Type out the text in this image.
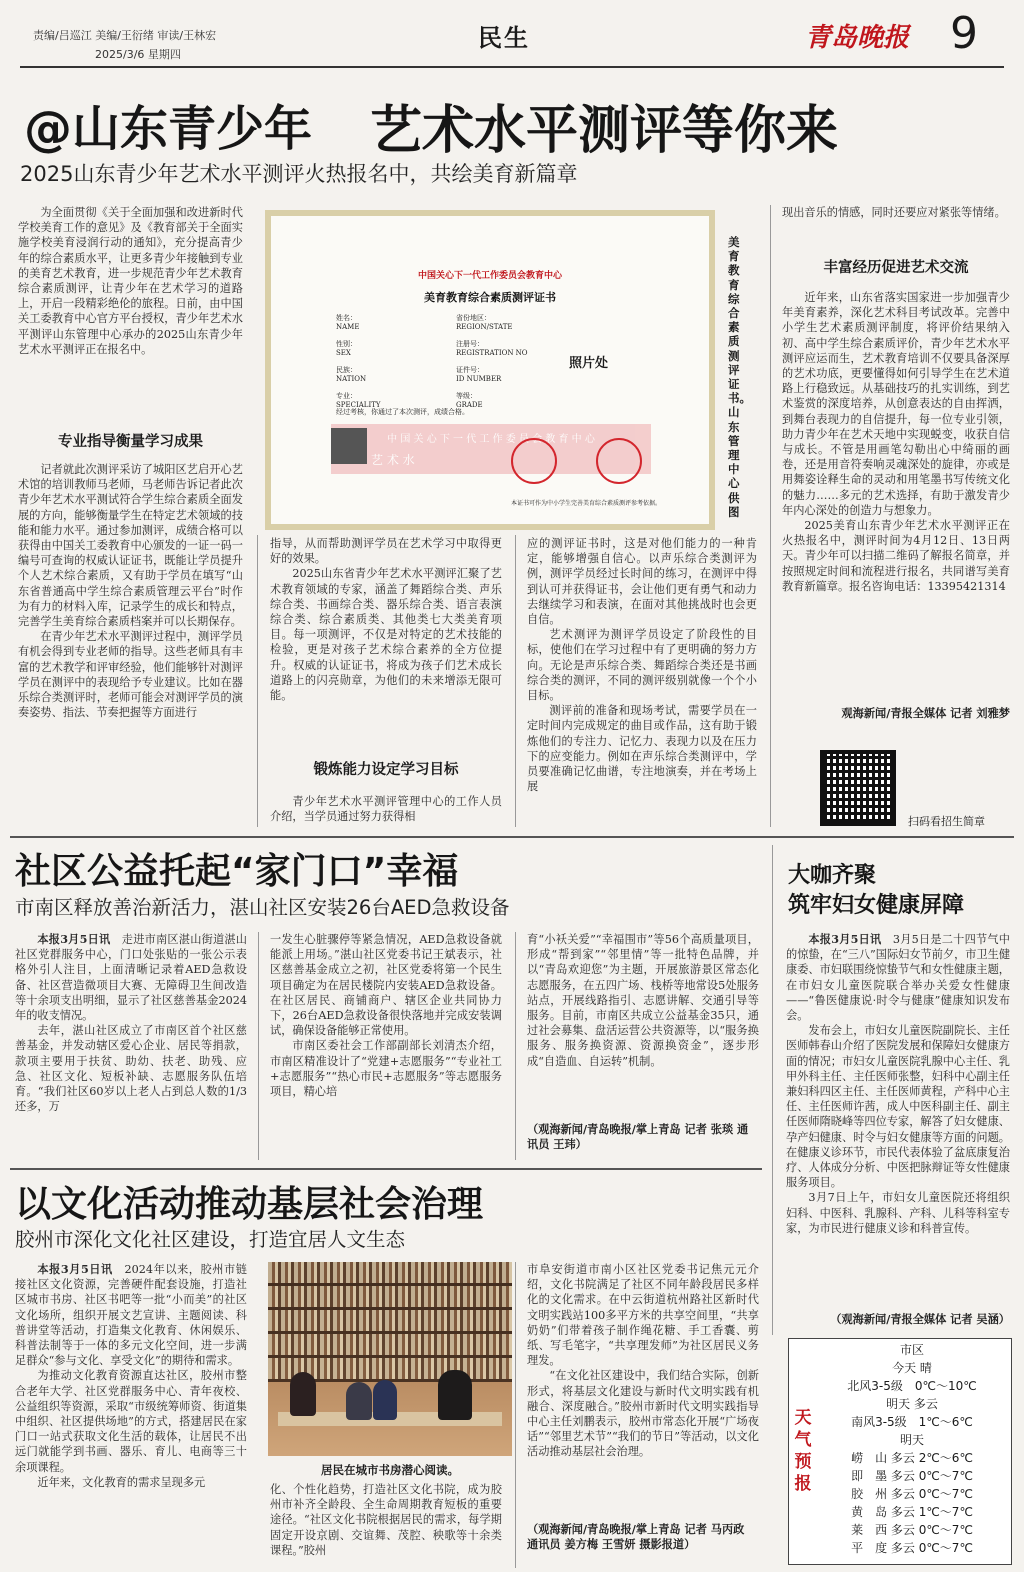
责编/吕巡江 美编/王衍绪 审读/王林宏
2025/3/6 星期四
民生	青岛晚报 9
@山东青少年 艺术水平测评等你来
2025山东青少年艺术水平测评火热报名中，共绘美育新篇章

为全面贯彻《关于全面加强和改进新时代学校美育工作的意见》及《教育部关于全面实施学校美育浸润行动的通知》，充分提高青少年的综合素质水平，让更多青少年接触到专业的美育艺术教育，进一步规范青少年艺术教育综合素质测评，让青少年在艺术学习的道路上，开启一段精彩绝伦的旅程。日前，由中国关工委教育中心官方平台授权，青少年艺术水平测评山东管理中心承办的2025山东青少年艺术水平测评正在报名中。

专业指导衡量学习成果

记者就此次测评采访了城阳区艺启开心艺术馆的培训教师马老师，马老师告诉记者此次青少年艺术水平测试符合学生综合素质全面发展的方向，能够衡量学生在特定艺术领域的技能和能力水平。通过参加测评，成绩合格可以获得由中国关工委教育中心颁发的一证一码一编号可查询的权威认证证书，既能让学员提升个人艺术综合素质，又有助于学员在填写“山东省普通高中学生综合素质管理云平台”时作为有力的材料入库，记录学生的成长和特点，完善学生美育综合素质档案并可以长期保存。

在青少年艺术水平测评过程中，测评学员有机会得到专业老师的指导。这些老师具有丰富的艺术教学和评审经验，他们能够针对测评学员在测评中的表现给予专业建议。比如在器乐综合类测评时，老师可能会对测评学员的演奏姿势、指法、节奏把握等方面进行

中国关心下一代工作委员会教育中心
美育教育综合素质测评证书
姓名：
NAME
性别：
SEX
民族：
NATION
专业：
SPECIALITY
省份地区：
REGION/STATE
注册号：
REGISTRATION NO
证件号：
ID NUMBER
等级：
GRADE
照片处
经过考核，你通过了本次测评，成绩合格。
中 国 关 心 下 一 代 工 作 委 员 会 教 育 中 心
艺 术 水
本证书可作为中小学生完善美育综合素质测评参考依据。
美育教育综合素质测评证书。山东管理中心供图

指导，从而帮助测评学员在艺术学习中取得更好的效果。

2025山东省青少年艺术水平测评汇聚了艺术教育领域的专家，涵盖了舞蹈综合类、声乐综合类、书画综合类、器乐综合类、语言表演综合类、综合素质类、其他类七大类美育项目。每一项测评，不仅是对特定的艺术技能的检验，更是对孩子艺术综合素养的全方位提升。权威的认证证书，将成为孩子们艺术成长道路上的闪亮勋章，为他们的未来增添无限可能。

锻炼能力设定学习目标

青少年艺术水平测评管理中心的工作人员介绍，当学员通过努力获得相

应的测评证书时，这是对他们能力的一种肯定，能够增强自信心。以声乐综合类测评为例，测评学员经过长时间的练习，在测评中得到认可并获得证书，会让他们更有勇气和动力去继续学习和表演，在面对其他挑战时也会更自信。

艺术测评为测评学员设定了阶段性的目标，使他们在学习过程中有了更明确的努力方向。无论是声乐综合类、舞蹈综合类还是书画综合类的测评，不同的测评级别就像一个个小目标。

测评前的准备和现场考试，需要学员在一定时间内完成规定的曲目或作品，这有助于锻炼他们的专注力、记忆力、表现力以及在压力下的应变能力。例如在声乐综合类测评中，学员要准确记忆曲谱，专注地演奏，并在考场上展

现出音乐的情感，同时还要应对紧张等情绪。

丰富经历促进艺术交流

近年来，山东省落实国家进一步加强青少年美育素养，深化艺术科目考试改革。完善中小学生艺术素质测评制度，将评价结果纳入初、高中学生综合素质评价，青少年艺术水平测评应运而生，艺术教育培训不仅要具备深厚的艺术功底，更要懂得如何引导学生在艺术道路上行稳致远。从基础技巧的扎实训练，到艺术鉴赏的深度培养，从创意表达的自由挥洒，到舞台表现力的自信提升，每一位专业引领，助力青少年在艺术天地中实现蜕变，收获自信与成长。不管是用画笔勾勒出心中绮丽的画卷，还是用音符奏响灵魂深处的旋律，亦或是用舞姿诠释生命的灵动和用笔墨书写传统文化的魅力……多元的艺术选择，有助于激发青少年内心深处的创造力与想象力。

2025美育山东青少年艺术水平测评正在火热报名中，测评时间为4月12日、13日两天。青少年可以扫描二维码了解报名简章，并按照规定时间和流程进行报名，共同谱写美育教育新篇章。报名咨询电话：13395421314

观海新闻/青报全媒体 记者 刘雅梦
扫码看招生简章
社区公益托起“家门口”幸福
市南区释放善治新活力，湛山社区安装26台AED急救设备

本报3月5日讯　 走进市南区湛山街道湛山社区党群服务中心，门口处张贴的一张公示表格外引人注目，上面清晰记录着AED急救设备、社区营造微项目大赛、无障碍卫生间改造等十余项支出明细，显示了社区慈善基金2024年的收支情况。

去年，湛山社区成立了市南区首个社区慈善基金，并发动辖区爱心企业、居民等捐款，款项主要用于扶贫、助幼、扶老、助残、应急、社区文化、短板补缺、志愿服务队伍培育。“我们社区60岁以上老人占到总人数的1/3还多，万

一发生心脏骤停等紧急情况，AED急救设备就能派上用场。”湛山社区党委书记王斌表示，社区慈善基金成立之初，社区党委将第一个民生项目确定为在居民楼院内安装AED急救设备。在社区居民、商铺商户、辖区企业共同协力下，26台AED急救设备很快落地并完成安装调试，确保设备能够正常使用。

市南区委社会工作部副部长刘清杰介绍，市南区精准设计了“党建+志愿服务”“专业社工+志愿服务”“热心市民+志愿服务”等志愿服务项目，精心培

育“小袄关爱”“幸福围市”等56个高质量项目，形成“帮到家”“邻里情”等一批特色品牌，并以“青岛欢迎您”为主题，开展旅游景区常态化志愿服务，在五四广场、栈桥等地常设5处服务站点，开展线路指引、志愿讲解、交通引导等服务。目前，市南区共成立公益基金35只，通过社会募集、盘活运营公共资源等，以“服务换服务、服务换资源、资源换资金”，逐步形成“自造血、自运转”机制。

（观海新闻/青岛晚报/掌上青岛 记者 张琰 通讯员 王玮）
大咖齐聚
筑牢妇女健康屏障

本报3月5日讯　 3月5日是二十四节气中的惊蛰，在“三八”国际妇女节前夕，市卫生健康委、市妇联围绕惊蛰节气和女性健康主题，在市妇女儿童医院联合举办关爱女性健康——“鲁医健康说·时令与健康”健康知识发布会。

发布会上，市妇女儿童医院副院长、主任医师韩春山介绍了医院发展和保障妇女健康方面的情况；市妇女儿童医院乳腺中心主任、乳甲外科主任、主任医师张整，妇科中心副主任兼妇科四区主任、主任医师黄程，产科中心主任、主任医师许茜，成人中医科副主任、副主任医师隋晓峰等四位专家，解答了妇女健康、孕产妇健康、时令与妇女健康等方面的问题。在健康义诊环节，市民代表体验了盆底康复治疗、人体成分分析、中医把脉辩证等女性健康服务项目。

3月7日上午，市妇女儿童医院还将组织妇科、中医科、乳腺科、产科、儿科等科室专家，为市民进行健康义诊和科普宣传。

（观海新闻/青报全媒体 记者 吴涵）
天气预报
市区
今天 晴
北风3-5级　0℃～10℃
明天 多云
南风3-5级　1℃～6℃
明天
崂　山 多云 2℃～6℃
即　墨 多云 0℃～7℃
胶　州 多云 0℃～7℃
黄　岛 多云 1℃～7℃
莱　西 多云 0℃～7℃
平　度 多云 0℃～7℃
以文化活动推动基层社会治理
胶州市深化文化社区建设，打造宜居人文生态

本报3月5日讯　 2024年以来，胶州市链接社区文化资源，完善硬件配套设施，打造社区城市书房、社区书吧等一批“小而美”的社区文化场所，组织开展文艺宣讲、主题阅读、科普讲堂等活动，打造集文化教育、休闲娱乐、科普法制等于一体的多元文化空间，进一步满足群众“参与文化、享受文化”的期待和需求。

为推动文化教育资源直达社区，胶州市整合老年大学、社区党群服务中心、青年夜校、公益组织等资源，采取“市级统筹师资、街道集中组织、社区提供场地”的方式，搭建居民在家门口一站式获取文化生活的载体，让居民不出远门就能学到书画、器乐、育儿、电商等三十余项课程。

近年来，文化教育的需求呈现多元

居民在城市书房潜心阅读。

化、个性化趋势，打造社区文化书院，成为胶州市补齐全龄段、全生命周期教育短板的重要途径。“社区文化书院根据居民的需求，每学期固定开设京剧、交谊舞、茂腔、秧歌等十余类课程。”胶州

市阜安街道市南小区社区党委书记焦元元介绍，文化书院满足了社区不同年龄段居民多样化的文化需求。在中云街道杭州路社区新时代文明实践站100多平方米的共享空间里，“共享奶奶”们带着孩子制作绳花糖、手工香囊、剪纸、写毛笔字，“共享理发师”为社区居民义务理发。

“在文化社区建设中，我们结合实际，创新形式，将基层文化建设与新时代文明实践有机融合、深度融合。”胶州市新时代文明实践指导中心主任刘鹏表示，胶州市常态化开展“广场夜话”“邻里艺术节”“我们的节日”等活动，以文化活动推动基层社会治理。

（观海新闻/青岛晚报/掌上青岛 记者 马丙政 通讯员 姜方梅 王雪妍 摄影报道）
